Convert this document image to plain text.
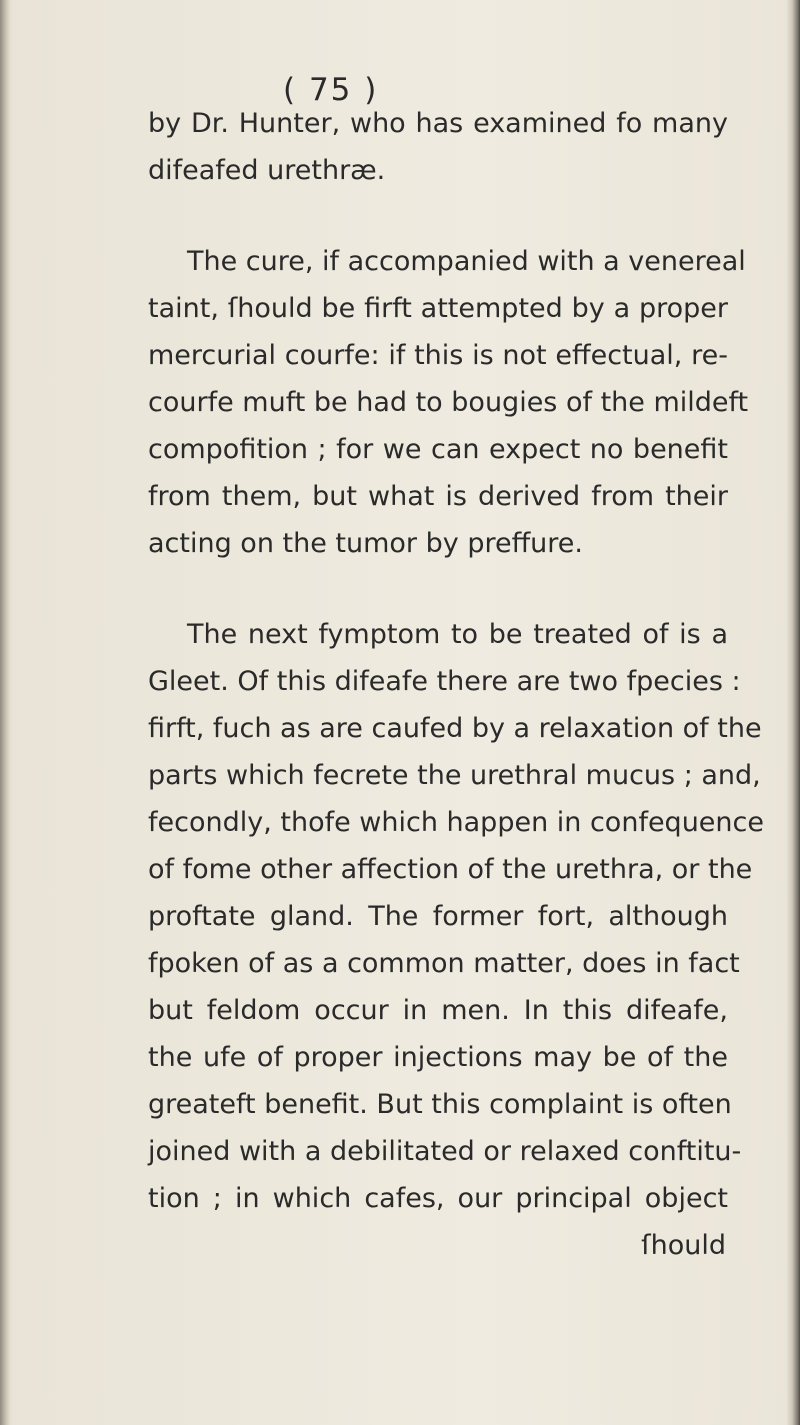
( 75 )
by Dr. Hunter, who has examined fo many
difeafed urethræ.
The cure, if accompanied with a venereal
taint, ſhould be firft attempted by a proper
mercurial courfe: if this is not effectual, re-
courfe muft be had to bougies of the mildeft
compofition ; for we can expect no benefit
from them, but what is derived from their
acting on the tumor by preffure.
The next fymptom to be treated of is a
Gleet. Of this difeafe there are two fpecies :
firft, fuch as are caufed by a relaxation of the
parts which fecrete the urethral mucus ; and,
fecondly, thofe which happen in confequence
of fome other affection of the urethra, or the
proftate gland. The former fort, although
fpoken of as a common matter, does in fact
but feldom occur in men. In this difeafe,
the ufe of proper injections may be of the
greateft benefit. But this complaint is often
joined with a debilitated or relaxed conftitu-
tion ; in which cafes, our principal object
ſhould
